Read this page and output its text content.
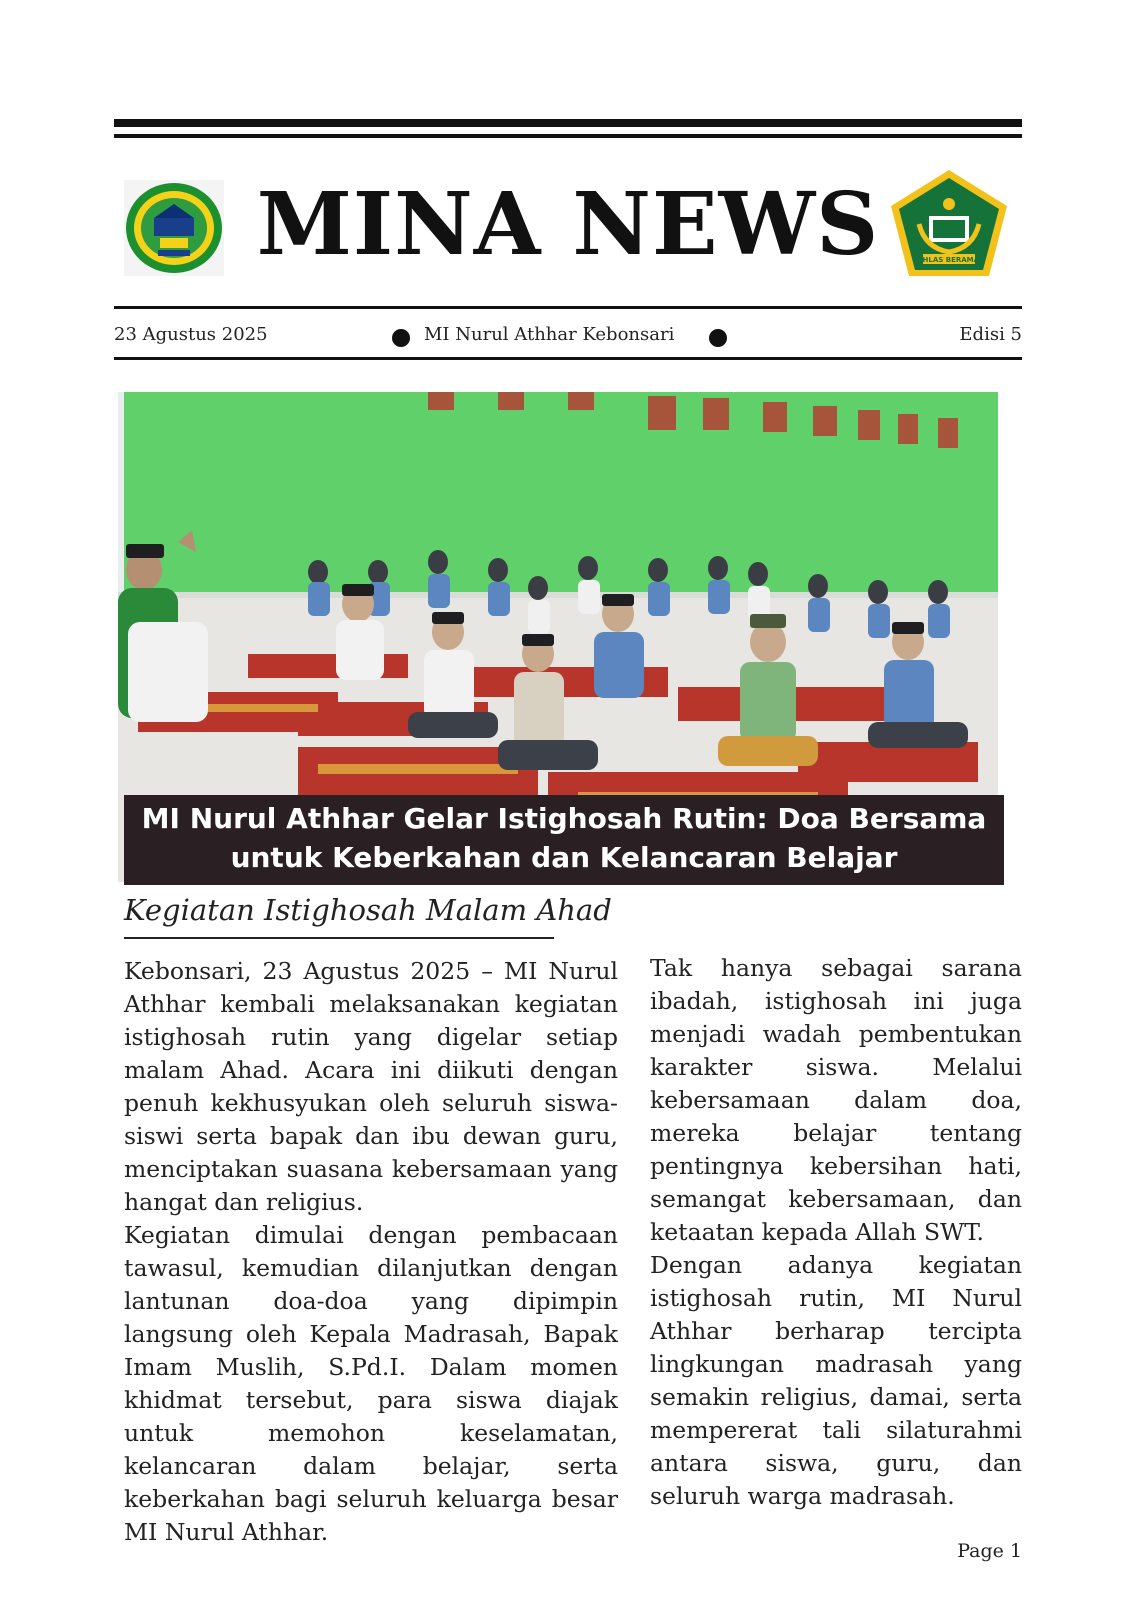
MINA NEWS	IKHLAS BERAMAL
23 Agustus 2025	MI Nurul Athhar Kebonsari	Edisi 5
MI Nurul Athhar Gelar Istighosah Rutin: Doa Bersama
untuk Keberkahan dan Kelancaran Belajar
Kegiatan Istighosah Malam Ahad

Kebonsari, 23 Agustus 2025 – MI Nurul Athhar kembali melaksanakan kegiatan istighosah rutin yang digelar setiap malam Ahad. Acara ini diikuti dengan penuh kekhusyukan oleh seluruh siswa-siswi serta bapak dan ibu dewan guru, menciptakan suasana kebersamaan yang hangat dan religius.

Kegiatan dimulai dengan pembacaan tawasul, kemudian dilanjutkan dengan lantunan doa-doa yang dipimpin langsung oleh Kepala Madrasah, Bapak Imam Muslih, S.Pd.I. Dalam momen khidmat tersebut, para siswa diajak untuk memohon keselamatan, kelancaran dalam belajar, serta keberkahan bagi seluruh keluarga besar MI Nurul Athhar.

Tak hanya sebagai sarana ibadah, istighosah ini juga menjadi wadah pembentukan karakter siswa. Melalui kebersamaan dalam doa, mereka belajar tentang pentingnya kebersihan hati, semangat kebersamaan, dan ketaatan kepada Allah SWT.

Dengan adanya kegiatan istighosah rutin, MI Nurul Athhar berharap tercipta lingkungan madrasah yang semakin religius, damai, serta mempererat tali silaturahmi antara siswa, guru, dan seluruh warga madrasah.

Page 1
